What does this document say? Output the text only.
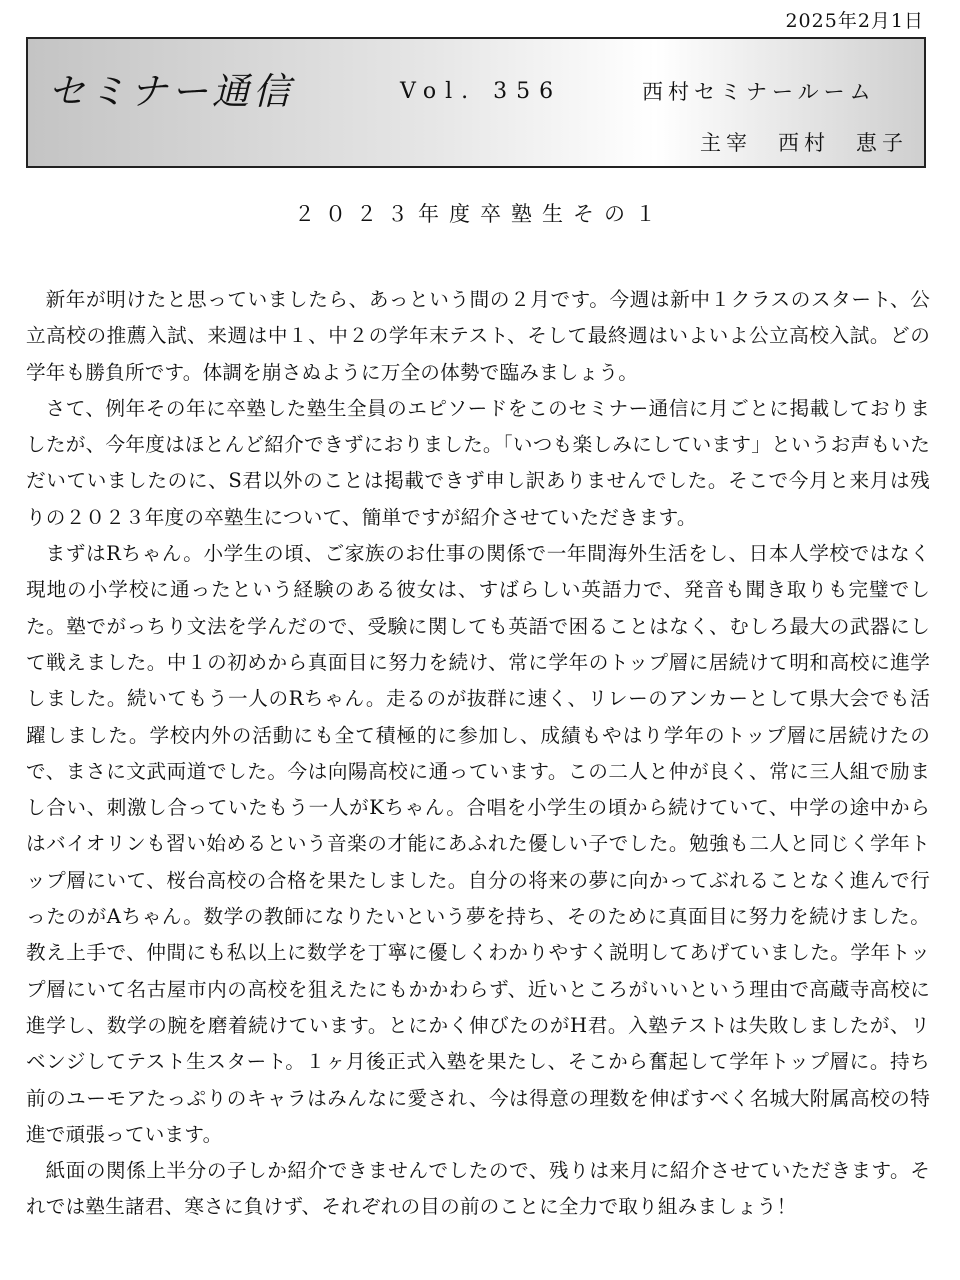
2025年2月1日
セミナー通信	Vol. 356	西村セミナールーム
主宰　西村　恵子
２０２３年度卒塾生その１

新年が明けたと思っていましたら、あっという間の２月です。今週は新中１クラスのスタート、公立高校の推薦入試、来週は中１、中２の学年末テスト、そして最終週はいよいよ公立高校入試。どの学年も勝負所です。体調を崩さぬように万全の体勢で臨みましょう。

さて、例年その年に卒塾した塾生全員のエピソードをこのセミナー通信に月ごとに掲載しておりましたが、今年度はほとんど紹介できずにおりました。「いつも楽しみにしています」というお声もいただいていましたのに、S君以外のことは掲載できず申し訳ありませんでした。そこで今月と来月は残りの２０２３年度の卒塾生について、簡単ですが紹介させていただきます。

まずはRちゃん。小学生の頃、ご家族のお仕事の関係で一年間海外生活をし、日本人学校ではなく現地の小学校に通ったという経験のある彼女は、すばらしい英語力で、発音も聞き取りも完璧でした。塾でがっちり文法を学んだので、受験に関しても英語で困ることはなく、むしろ最大の武器にして戦えました。中１の初めから真面目に努力を続け、常に学年のトップ層に居続けて明和高校に進学しました。続いてもう一人のRちゃん。走るのが抜群に速く、リレーのアンカーとして県大会でも活躍しました。学校内外の活動にも全て積極的に参加し、成績もやはり学年のトップ層に居続けたので、まさに文武両道でした。今は向陽高校に通っています。この二人と仲が良く、常に三人組で励まし合い、刺激し合っていたもう一人がKちゃん。合唱を小学生の頃から続けていて、中学の途中からはバイオリンも習い始めるという音楽の才能にあふれた優しい子でした。勉強も二人と同じく学年トップ層にいて、桜台高校の合格を果たしました。自分の将来の夢に向かってぶれることなく進んで行ったのがAちゃん。数学の教師になりたいという夢を持ち、そのために真面目に努力を続けました。教え上手で、仲間にも私以上に数学を丁寧に優しくわかりやすく説明してあげていました。学年トップ層にいて名古屋市内の高校を狙えたにもかかわらず、近いところがいいという理由で高蔵寺高校に進学し、数学の腕を磨着続けています。とにかく伸びたのがH君。入塾テストは失敗しましたが、リベンジしてテスト生スタート。１ヶ月後正式入塾を果たし、そこから奮起して学年トップ層に。持ち前のユーモアたっぷりのキャラはみんなに愛され、今は得意の理数を伸ばすべく名城大附属高校の特進で頑張っています。

紙面の関係上半分の子しか紹介できませんでしたので、残りは来月に紹介させていただきます。それでは塾生諸君、寒さに負けず、それぞれの目の前のことに全力で取り組みましょう！
